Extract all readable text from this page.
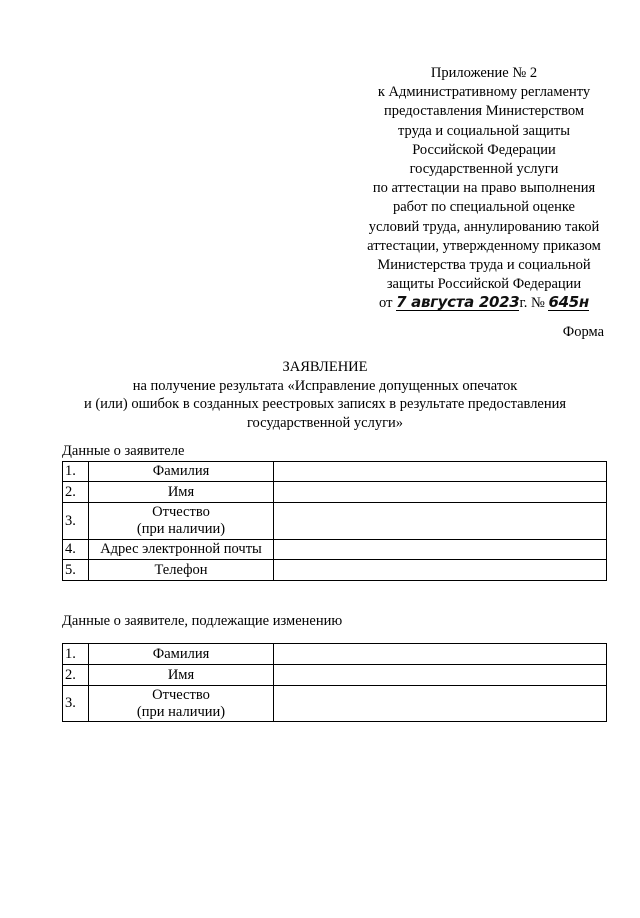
Приложение № 2
к Административному регламенту
предоставления Министерством
труда и социальной защиты
Российской Федерации
государственной услуги
по аттестации на право выполнения
работ по специальной оценке
условий труда, аннулированию такой
аттестации, утвержденному приказом
Министерства труда и социальной
защиты Российской Федерации
от 7 августа 2023г. № 645н
Форма
ЗАЯВЛЕНИЕ
на получение результата «Исправление допущенных опечаток
и (или) ошибок в созданных реестровых записях в результате предоставления
государственной услуги»
Данные о заявителе
1.	Фамилия	
2.	Имя	
3.	Отчество
(при наличии)	

4.	Адрес электронной почты	
5.	Телефон	
Данные о заявителе, подлежащие изменению
1.	Фамилия	
2.	Имя	
3.	Отчество
(при наличии)	
